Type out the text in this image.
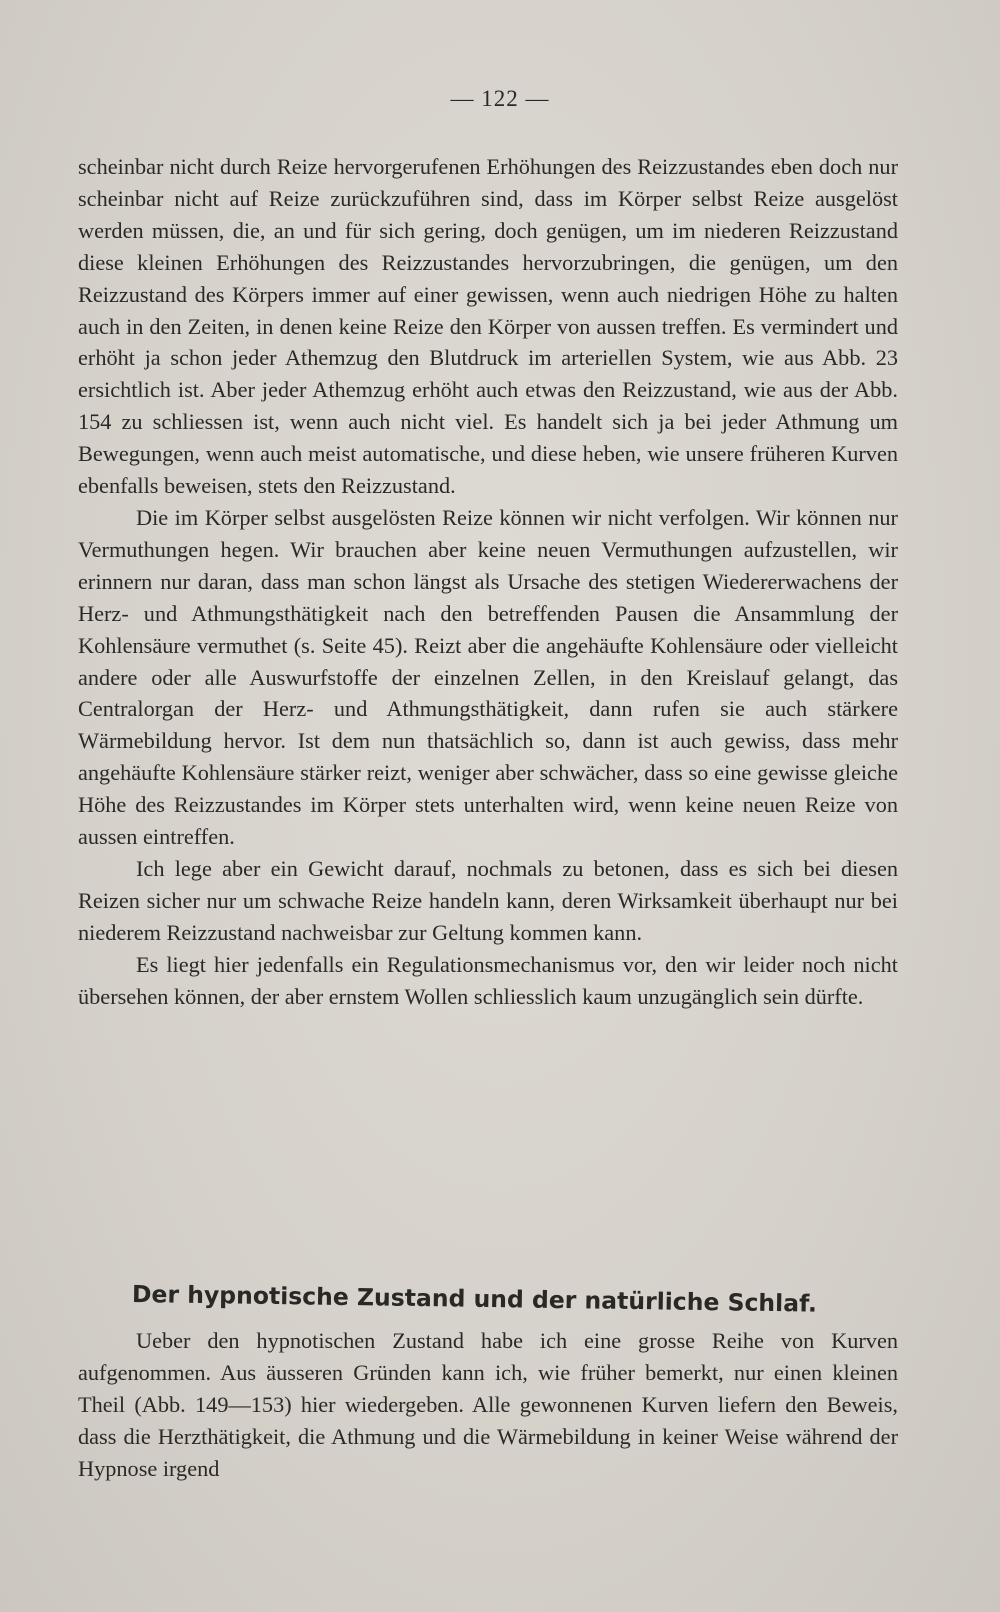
— 122 —

scheinbar nicht durch Reize hervorgerufenen Erhöhungen des Reizzustandes eben doch nur scheinbar nicht auf Reize zurückzuführen sind, dass im Körper selbst Reize ausgelöst werden müssen, die, an und für sich gering, doch genügen, um im niederen Reizzustand diese kleinen Erhöhungen des Reizzustandes hervorzubringen, die genügen, um den Reizzustand des Körpers immer auf einer gewissen, wenn auch niedrigen Höhe zu halten auch in den Zeiten, in denen keine Reize den Körper von aussen treffen. Es vermindert und erhöht ja schon jeder Athemzug den Blutdruck im arteriellen System, wie aus Abb. 23 ersichtlich ist. Aber jeder Athemzug erhöht auch etwas den Reizzustand, wie aus der Abb. 154 zu schliessen ist, wenn auch nicht viel. Es handelt sich ja bei jeder Athmung um Bewegungen, wenn auch meist automatische, und diese heben, wie unsere früheren Kurven ebenfalls beweisen, stets den Reizzustand.

Die im Körper selbst ausgelösten Reize können wir nicht verfolgen. Wir können nur Vermuthungen hegen. Wir brauchen aber keine neuen Vermuthungen aufzustellen, wir erinnern nur daran, dass man schon längst als Ursache des stetigen Wiedererwachens der Herz- und Athmungsthätigkeit nach den betreffenden Pausen die Ansammlung der Kohlensäure vermuthet (s. Seite 45). Reizt aber die angehäufte Kohlensäure oder vielleicht andere oder alle Auswurfstoffe der einzelnen Zellen, in den Kreislauf gelangt, das Centralorgan der Herz- und Athmungsthätigkeit, dann rufen sie auch stärkere Wärmebildung hervor. Ist dem nun thatsächlich so, dann ist auch gewiss, dass mehr angehäufte Kohlensäure stärker reizt, weniger aber schwächer, dass so eine gewisse gleiche Höhe des Reizzustandes im Körper stets unterhalten wird, wenn keine neuen Reize von aussen eintreffen.

Ich lege aber ein Gewicht darauf, nochmals zu betonen, dass es sich bei diesen Reizen sicher nur um schwache Reize handeln kann, deren Wirksamkeit überhaupt nur bei niederem Reizzustand nachweisbar zur Geltung kommen kann.

Es liegt hier jedenfalls ein Regulationsmechanismus vor, den wir leider noch nicht übersehen können, der aber ernstem Wollen schliesslich kaum unzugänglich sein dürfte.

Der hypnotische Zustand und der natürliche Schlaf.

Ueber den hypnotischen Zustand habe ich eine grosse Reihe von Kurven aufgenommen. Aus äusseren Gründen kann ich, wie früher bemerkt, nur einen kleinen Theil (Abb. 149—153) hier wiedergeben. Alle gewonnenen Kurven liefern den Beweis, dass die Herzthätigkeit, die Athmung und die Wärmebildung in keiner Weise während der Hypnose irgend
